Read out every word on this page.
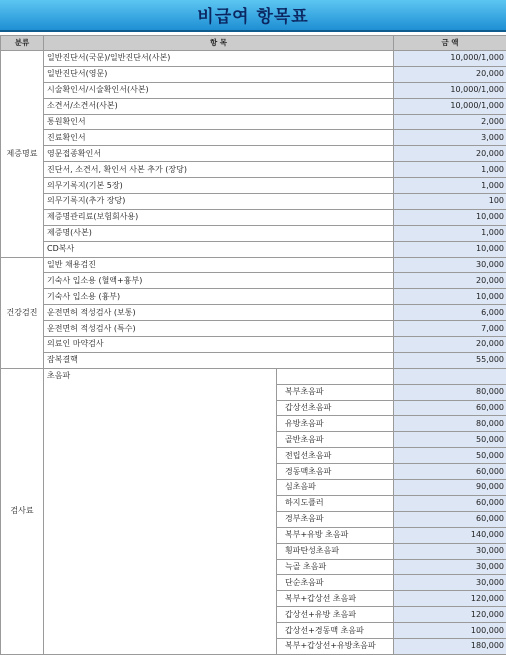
비급여 항목표
분류	항 목		금 액
제증명료	일반진단서(국문)/일반진단서(사본)		10,000/1,000
	일반진단서(영문)		20,000
	시술확인서/시술확인서(사본)		10,000/1,000
	소견서/소견서(사본)		10,000/1,000
	통원확인서		2,000
	진료확인서		3,000
	영문접종확인서		20,000
	진단서, 소견서, 확인서 사본 추가 (장당)		1,000
	의무기록지(기본 5장)		1,000
	의무기록지(추가 장당)		100
	제증명관리료(보험회사용)		10,000
	제증명(사본)		1,000
	CD복사		10,000
건강검진	일반 채용검진		30,000
	기숙사 입소용 (혈액+흉부)		20,000
	기숙사 입소용 (흉부)		10,000
	운전면허 적성검사 (보통)		6,000
	운전면허 적성검사 (특수)		7,000
	의료인 마약검사		20,000
	잠복결핵		55,000
검사료	초음파		
		복부초음파	80,000
		갑상선초음파	60,000
		유방초음파	80,000
		골반초음파	50,000
		전립선초음파	50,000
		경동맥초음파	60,000
		심초음파	90,000
		하지도플러	60,000
		경부초음파	60,000
		복부+유방 초음파	140,000
		횡파탄성초음파	30,000
		늑골 초음파	30,000
		단순초음파	30,000
		복부+갑상선 초음파	120,000
		갑상선+유방 초음파	120,000
		갑상선+경동맥 초음파	100,000
		복부+갑상선+유방초음파	180,000
